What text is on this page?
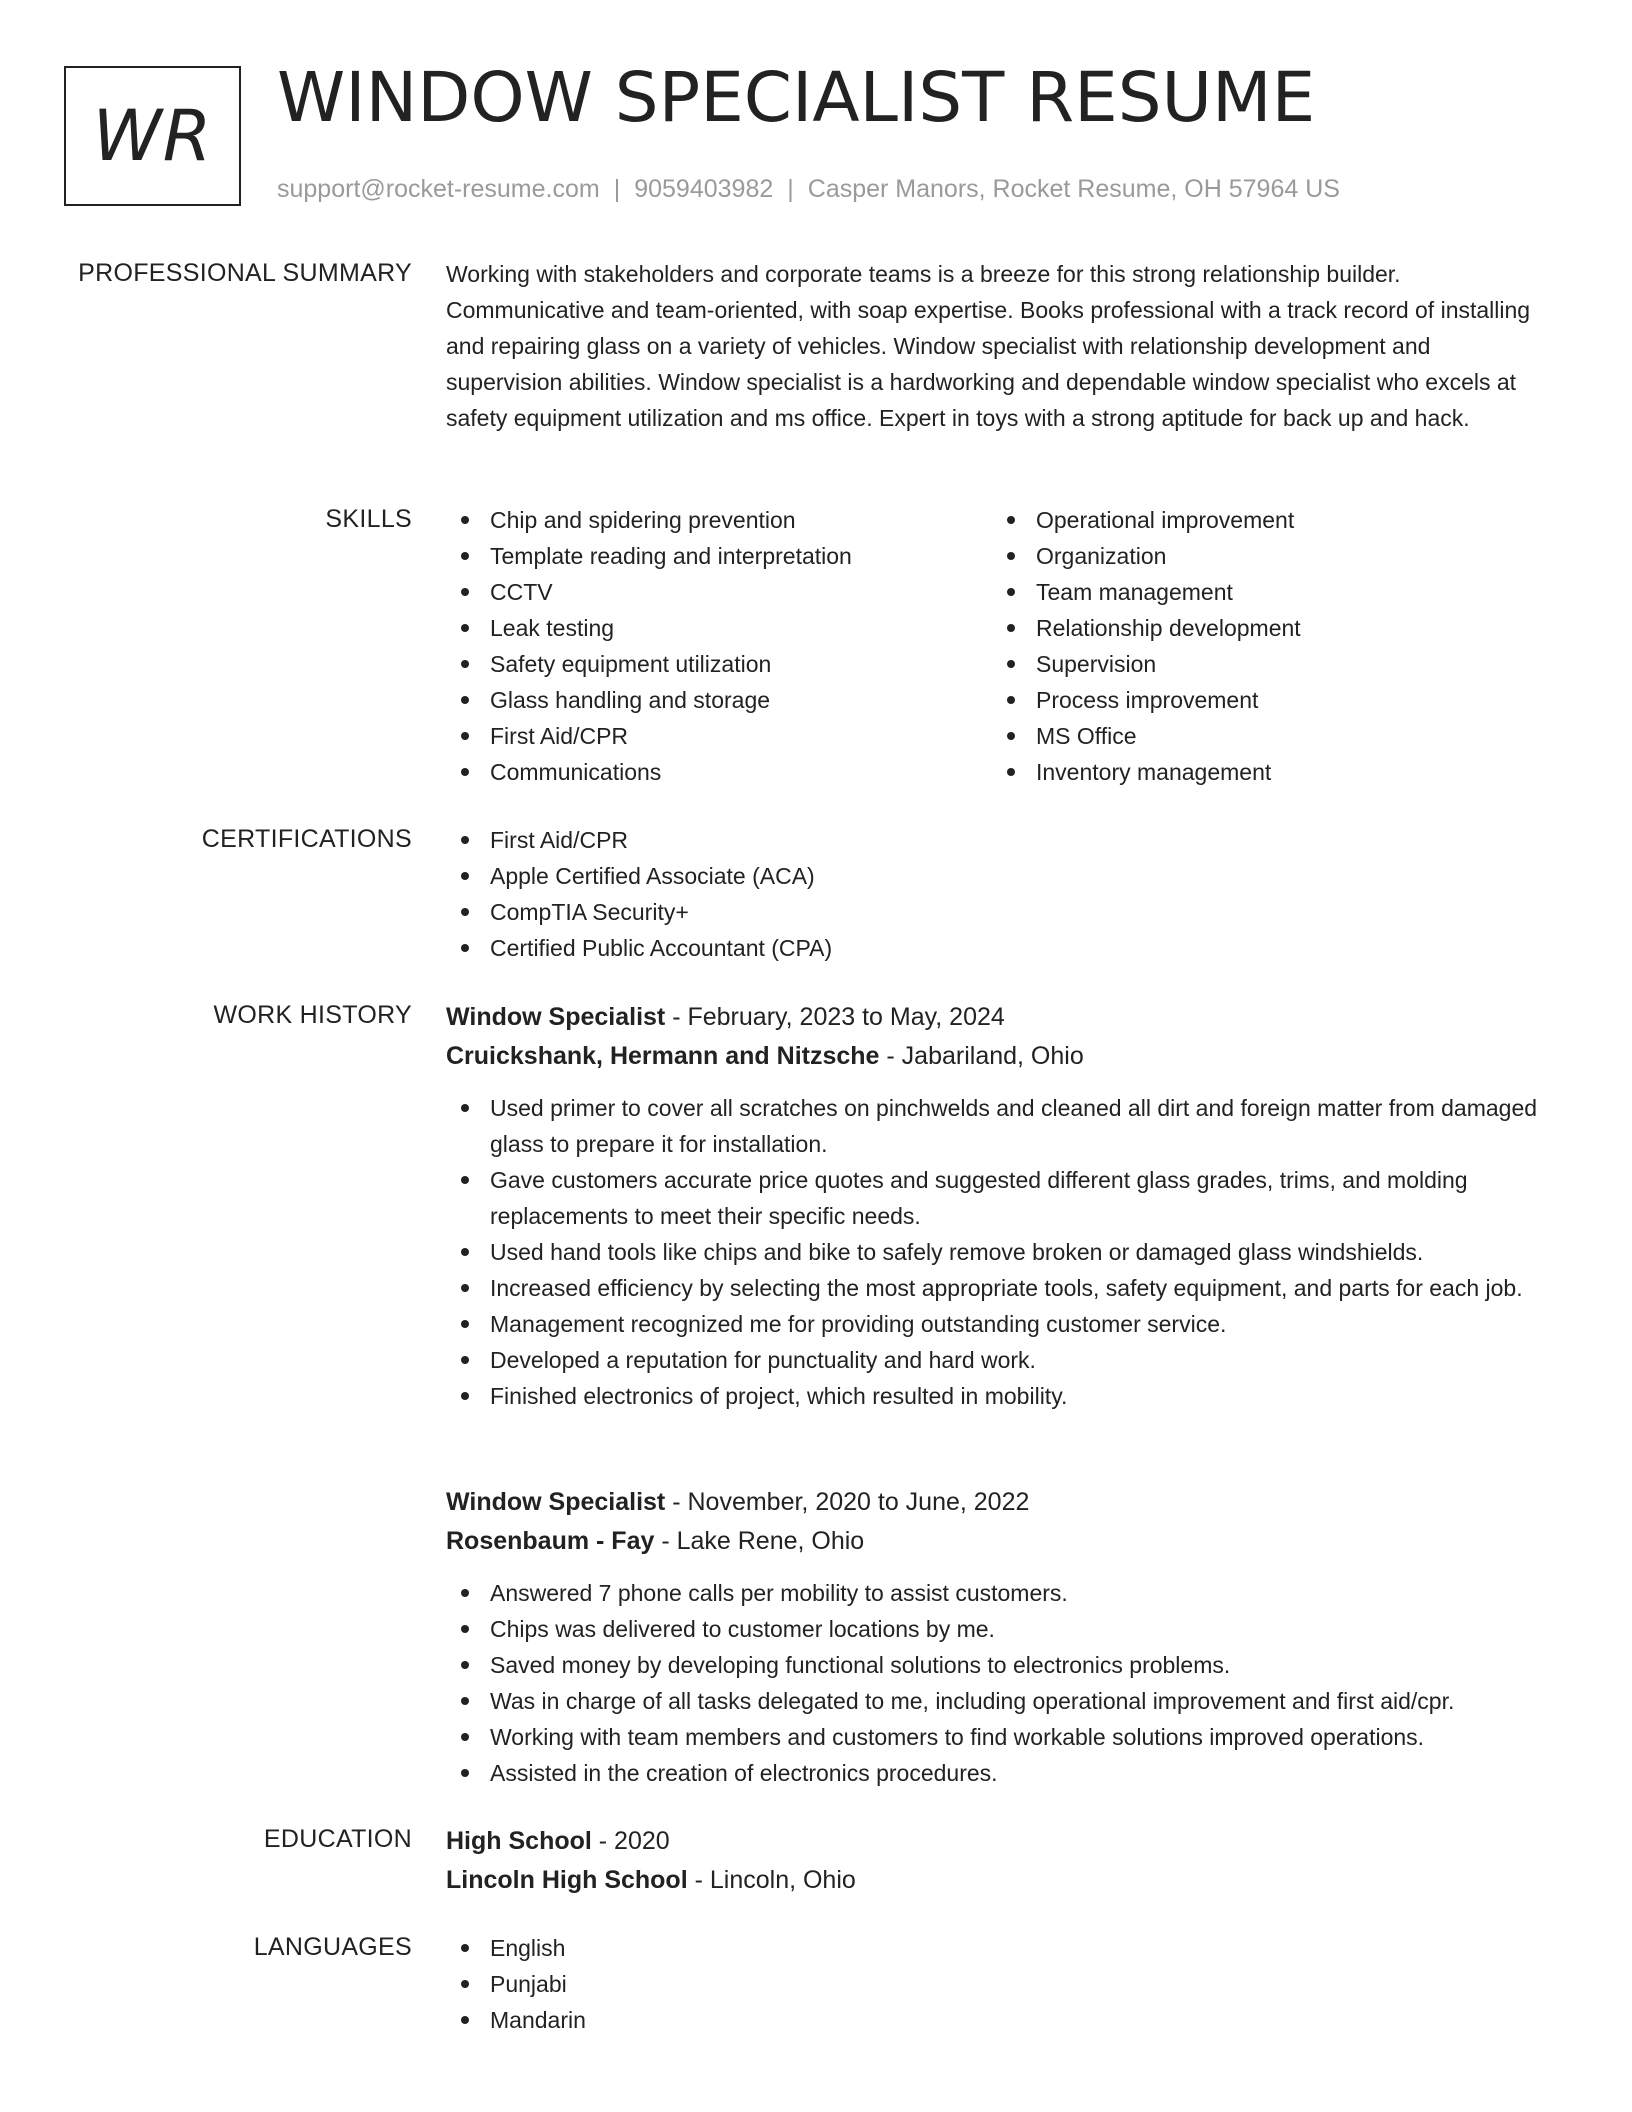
WR WINDOW SPECIALIST RESUME
support@rocket-resume.com | 9059403982 | Casper Manors, Rocket Resume, OH 57964 US
PROFESSIONAL SUMMARY Working with stakeholders and corporate teams is a breeze for this strong relationship builder. Communicative and team-oriented, with soap expertise. Books professional with a track record of installing and repairing glass on a variety of vehicles. Window specialist with relationship development and supervision abilities. Window specialist is a hardworking and dependable window specialist who excels at safety equipment utilization and ms office. Expert in toys with a strong aptitude for back up and hack.

SKILLS	Chip and spidering prevention
Template reading and interpretation
CCTV
Leak testing
Safety equipment utilization
Glass handling and storage
First Aid/CPR
Communications
Operational improvement
Organization
Team management
Relationship development
Supervision
Process improvement
MS Office
Inventory management
CERTIFICATIONS	First Aid/CPR
Apple Certified Associate (ACA)
CompTIA Security+
Certified Public Accountant (CPA)
WORK HISTORY Window Specialist - February, 2023 to May, 2024
Cruickshank, Hermann and Nitzsche - Jabariland, Ohio
Used primer to cover all scratches on pinchwelds and cleaned all dirt and foreign matter from damaged glass to prepare it for installation.
Gave customers accurate price quotes and suggested different glass grades, trims, and molding replacements to meet their specific needs.
Used hand tools like chips and bike to safely remove broken or damaged glass windshields.
Increased efficiency by selecting the most appropriate tools, safety equipment, and parts for each job.
Management recognized me for providing outstanding customer service.
Developed a reputation for punctuality and hard work.
Finished electronics of project, which resulted in mobility.
Window Specialist - November, 2020 to June, 2022
Rosenbaum - Fay - Lake Rene, Ohio
Answered 7 phone calls per mobility to assist customers.
Chips was delivered to customer locations by me.
Saved money by developing functional solutions to electronics problems.
Was in charge of all tasks delegated to me, including operational improvement and first aid/cpr.
Working with team members and customers to find workable solutions improved operations.
Assisted in the creation of electronics procedures.
EDUCATION High School - 2020
Lincoln High School - Lincoln, Ohio
LANGUAGES	English
Punjabi
Mandarin
